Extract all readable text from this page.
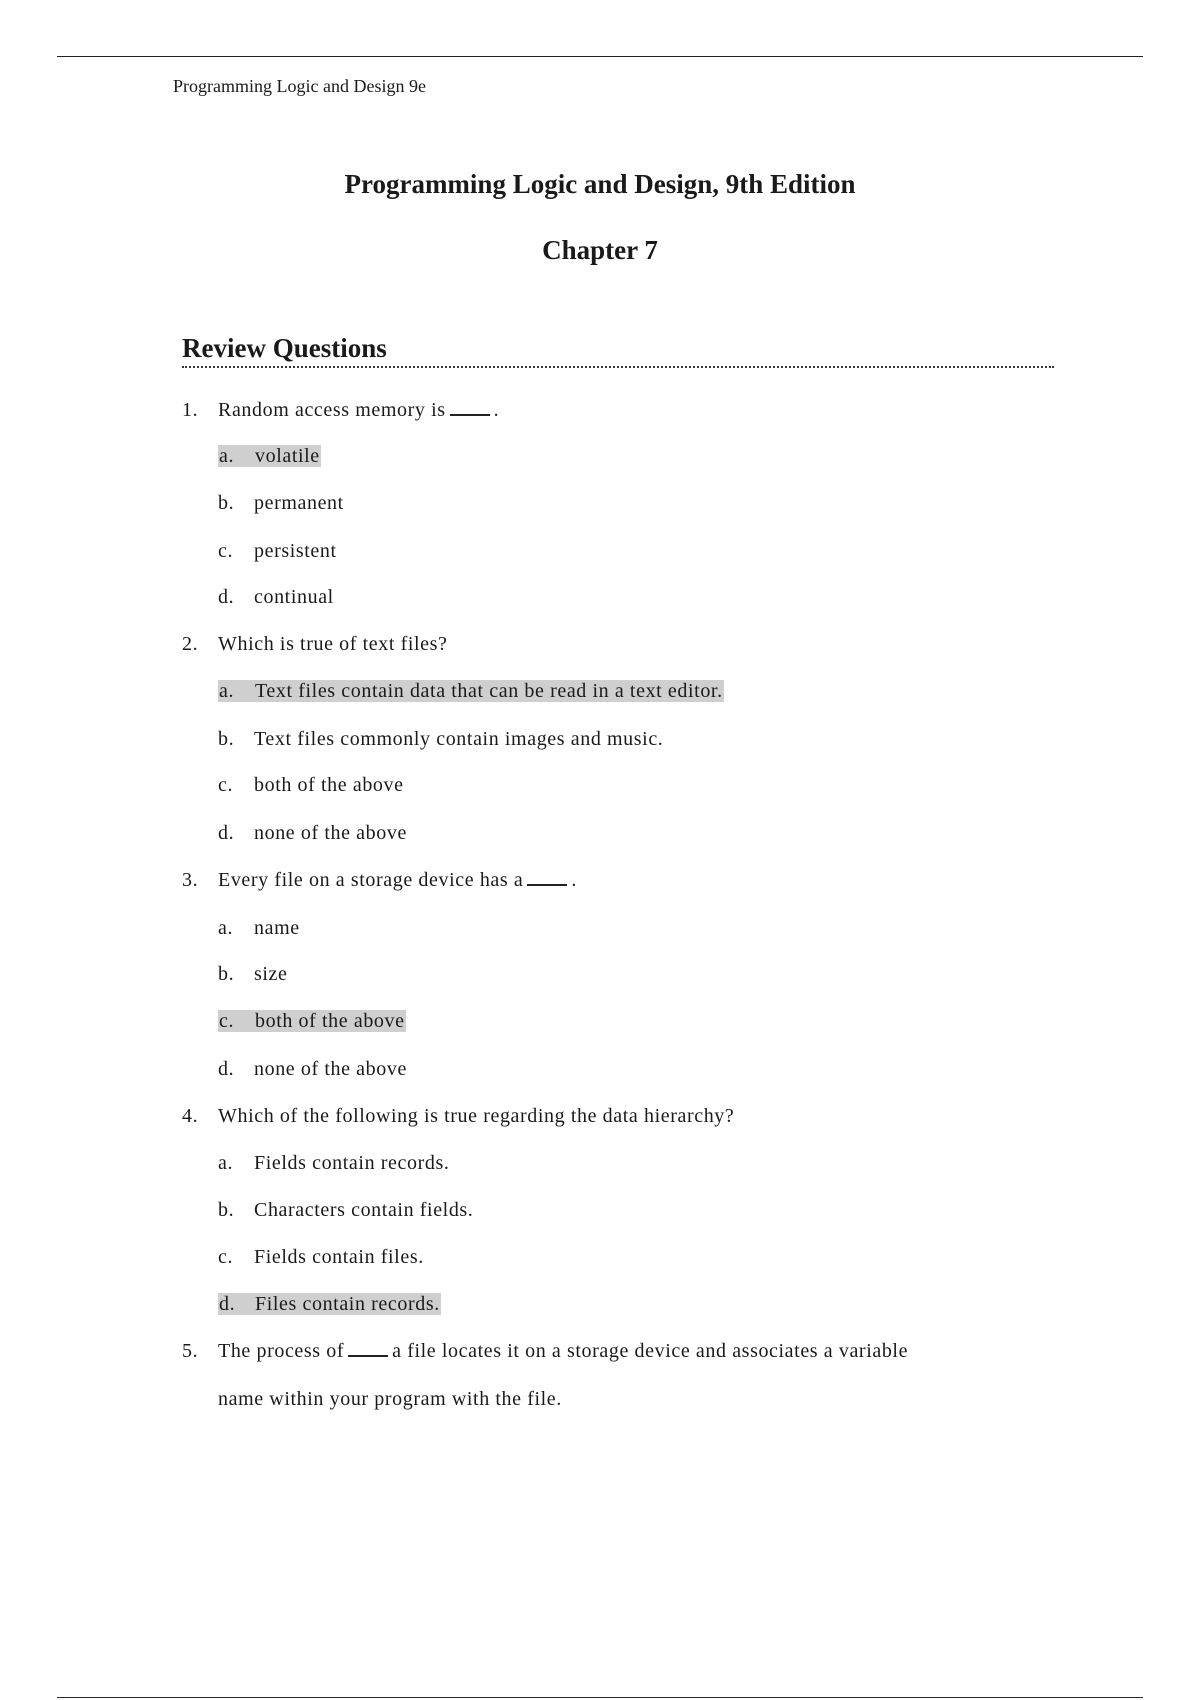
Programming Logic and Design 9e
Programming Logic and Design, 9th Edition
Chapter 7
Review Questions
1. Random access memory is .
a. volatile
b. permanent
c. persistent
d. continual
2. Which is true of text files?
a. Text files contain data that can be read in a text editor.
b. Text files commonly contain images and music.
c. both of the above
d. none of the above
3. Every file on a storage device has a .
a. name
b. size
c. both of the above
d. none of the above
4. Which of the following is true regarding the data hierarchy?
a. Fields contain records.
b. Characters contain fields.
c. Fields contain files.
d. Files contain records.
5. The process of a file locates it on a storage device and associates a variable
name within your program with the file.
